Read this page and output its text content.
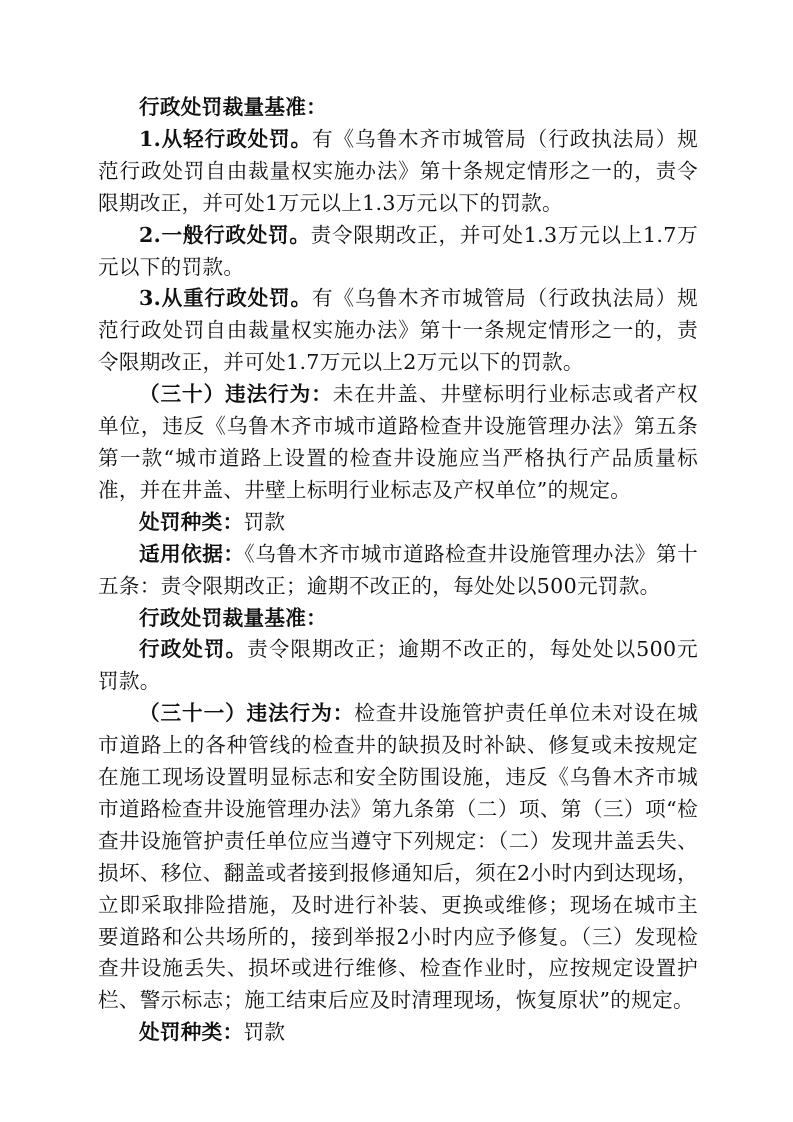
行政处罚裁量基准：

1.从轻行政处罚。有《乌鲁木齐市城管局（行政执法局）规范行政处罚自由裁量权实施办法》第十条规定情形之一的，责令限期改正，并可处1万元以上1.3万元以下的罚款。

2.一般行政处罚。责令限期改正，并可处1.3万元以上1.7万元以下的罚款。

3.从重行政处罚。有《乌鲁木齐市城管局（行政执法局）规范行政处罚自由裁量权实施办法》第十一条规定情形之一的，责令限期改正，并可处1.7万元以上2万元以下的罚款。

（三十）违法行为：未在井盖、井壁标明行业标志或者产权单位，违反《乌鲁木齐市城市道路检查井设施管理办法》第五条第一款“城市道路上设置的检查井设施应当严格执行产品质量标准，并在井盖、井壁上标明行业标志及产权单位”的规定。

处罚种类：罚款

适用依据：《乌鲁木齐市城市道路检查井设施管理办法》第十五条：责令限期改正；逾期不改正的，每处处以500元罚款。

行政处罚裁量基准：

行政处罚。责令限期改正；逾期不改正的，每处处以500元罚款。

（三十一）违法行为：检查井设施管护责任单位未对设在城市道路上的各种管线的检查井的缺损及时补缺、修复或未按规定在施工现场设置明显标志和安全防围设施，违反《乌鲁木齐市城市道路检查井设施管理办法》第九条第（二）项、第（三）项“检查井设施管护责任单位应当遵守下列规定：（二）发现井盖丢失、损坏、移位、翻盖或者接到报修通知后，须在2小时内到达现场，立即采取排险措施，及时进行补装、更换或维修；现场在城市主要道路和公共场所的，接到举报2小时内应予修复。（三）发现检查井设施丢失、损坏或进行维修、检查作业时，应按规定设置护栏、警示标志；施工结束后应及时清理现场，恢复原状”的规定。

处罚种类：罚款
